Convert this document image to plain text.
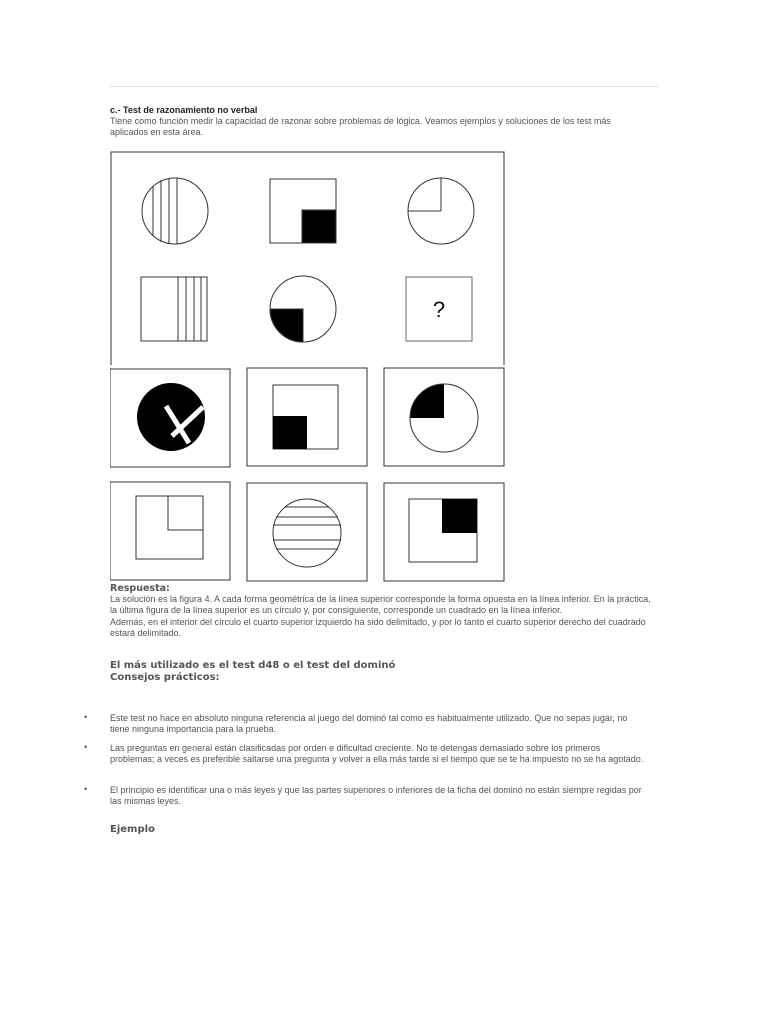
c.- Test de razonamiento no verbal
Tiene como función medir la capacidad de razonar sobre problemas de lógica. Veamos ejemplos y soluciones de los test más aplicados en esta área.
?
Respuesta:
La solución es la figura 4. A cada forma geométrica de la línea superior corresponde la forma opuesta en la línea inferior. En la práctica, la última figura de la línea superior es un círculo y, por consiguiente, corresponde un cuadrado en la línea inferior.
Además, en el interior del círculo el cuarto superior izquierdo ha sido delimitado, y por lo tanto el cuarto superior derecho del cuadrado estará delimitado.
El más utilizado es el test d48 o el test del dominó
Consejos prácticos:
•	Este test no hace en absoluto ninguna referencia al juego del dominó tal como es habitualmente utilizado. Que no sepas jugar, no tiene ninguna importancia para la prueba.
•	Las preguntas en general están clasificadas por orden e dificultad creciente. No te detengas demasiado sobre los primeros problemas; a veces es preferible saltarse una pregunta y volver a ella más tarde si el tiempo que se te ha impuesto no se ha agotado.
•	El principio es identificar una o más leyes y que las partes superiores o inferiores de la ficha del dominó no están siempre regidas por las mismas leyes.
Ejemplo
